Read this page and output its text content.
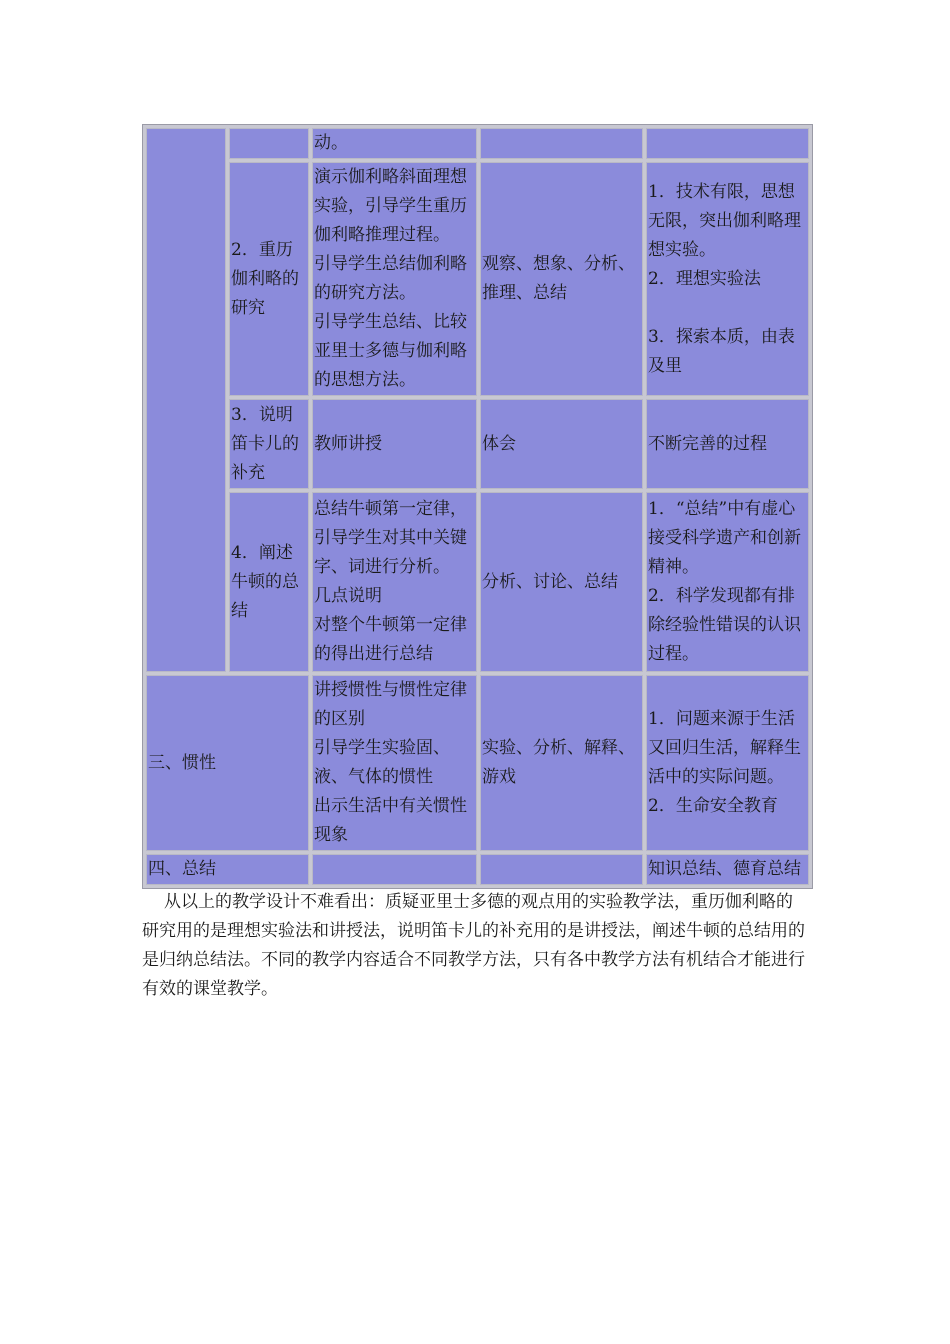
		动。		

	2．重历伽利略的研究	演示伽利略斜面理想实验，引导学生重历伽利略推理过程。
引导学生总结伽利略的研究方法。
引导学生总结、比较亚里士多德与伽利略的思想方法。	观察、想象、分析、推理、总结	1．技术有限，思想无限，突出伽利略理想实验。
2．理想实验法
3．探索本质，由表及里

	3．说明笛卡儿的补充	教师讲授	体会	不断完善的过程

	4．阐述牛顿的总结	总结牛顿第一定律，引导学生对其中关键字、词进行分析。
几点说明
对整个牛顿第一定律的得出进行总结	分析、讨论、总结	1．“总结”中有虚心接受科学遗产和创新精神。
2．科学发现都有排除经验性错误的认识过程。

三、惯性		讲授惯性与惯性定律的区别
引导学生实验固、液、气体的惯性
出示生活中有关惯性现象	实验、分析、解释、游戏	1．问题来源于生活又回归生活，解释生活中的实际问题。
2．生命安全教育

四、总结				知识总结、德育总结

从以上的教学设计不难看出：质疑亚里士多德的观点用的实验教学法，重历伽利略的研究用的是理想实验法和讲授法，说明笛卡儿的补充用的是讲授法，阐述牛顿的总结用的是归纳总结法。不同的教学内容适合不同教学方法，只有各中教学方法有机结合才能进行有效的课堂教学。
